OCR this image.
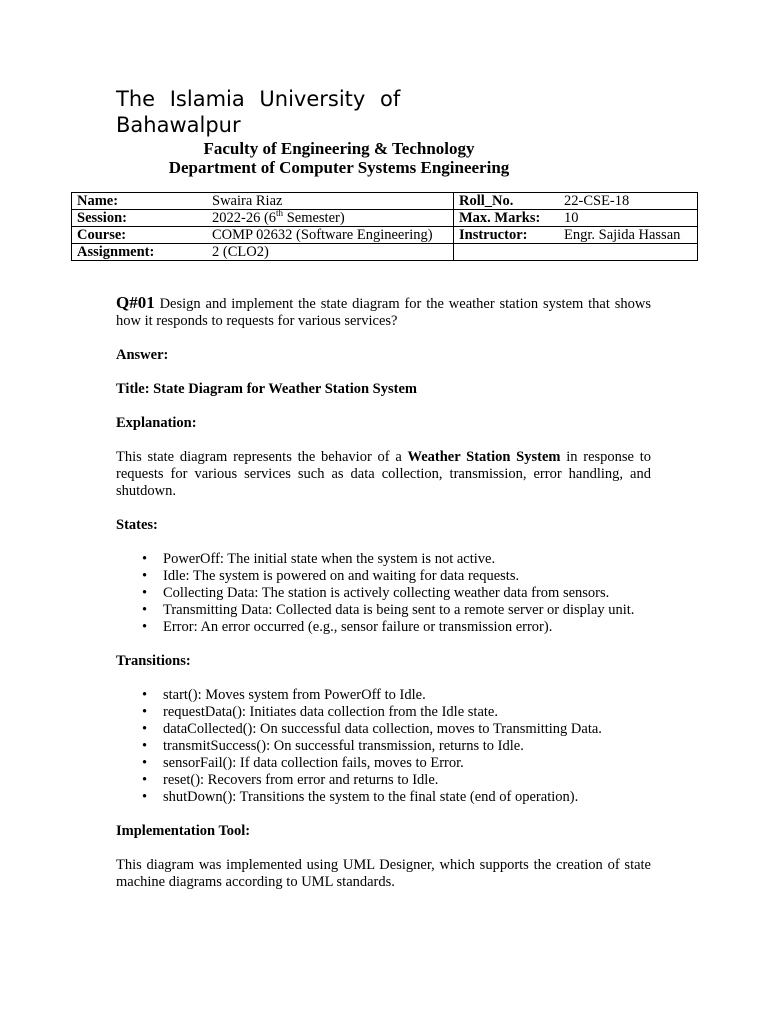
The Islamia University of
Bahawalpur
Faculty of Engineering & Technology
Department of Computer Systems Engineering
Name:	Swaira Riaz	Roll_No.	22-CSE-18
Session:	2022-26 (6th Semester)	Max. Marks:	10
Course:	COMP 02632 (Software Engineering)	Instructor:	Engr. Sajida Hassan
Assignment:	2 (CLO2)		

Q#01 Design and implement the state diagram for the weather station system that shows how it responds to requests for various services?

Answer:

Title: State Diagram for Weather Station System

Explanation:

This state diagram represents the behavior of a Weather Station System in response to requests for various services such as data collection, transmission, error handling, and shutdown.

States:

• PowerOff: The initial state when the system is not active.
• Idle: The system is powered on and waiting for data requests.
• Collecting Data: The station is actively collecting weather data from sensors.
• Transmitting Data: Collected data is being sent to a remote server or display unit.
• Error: An error occurred (e.g., sensor failure or transmission error).

Transitions:

• start(): Moves system from PowerOff to Idle.
• requestData(): Initiates data collection from the Idle state.
• dataCollected(): On successful data collection, moves to Transmitting Data.
• transmitSuccess(): On successful transmission, returns to Idle.
• sensorFail(): If data collection fails, moves to Error.
• reset(): Recovers from error and returns to Idle.
• shutDown(): Transitions the system to the final state (end of operation).

Implementation Tool:

This diagram was implemented using UML Designer, which supports the creation of state machine diagrams according to UML standards.
